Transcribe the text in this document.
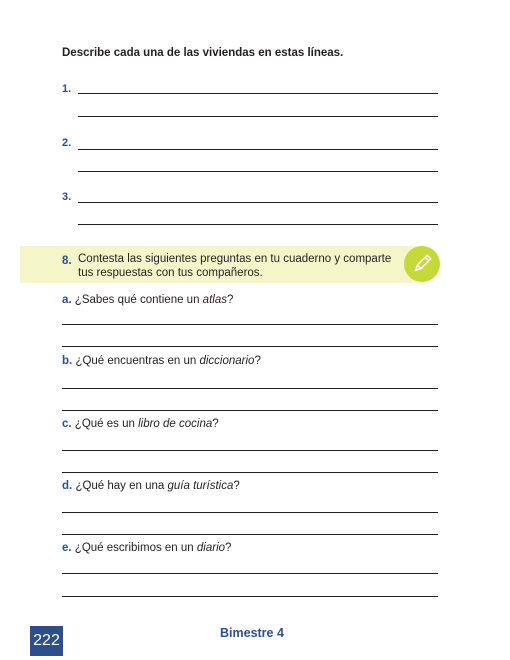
Describe cada una de las viviendas en estas líneas.
1.
2.
3.
8. Contesta las siguientes preguntas en tu cuaderno y comparte tus respuestas con tus compañeros.
a. ¿Sabes qué contiene un atlas?
b. ¿Qué encuentras en un diccionario?
c. ¿Qué es un libro de cocina?
d. ¿Qué hay en una guía turística?
e. ¿Qué escribimos en un diario?
222	Bimestre 4
